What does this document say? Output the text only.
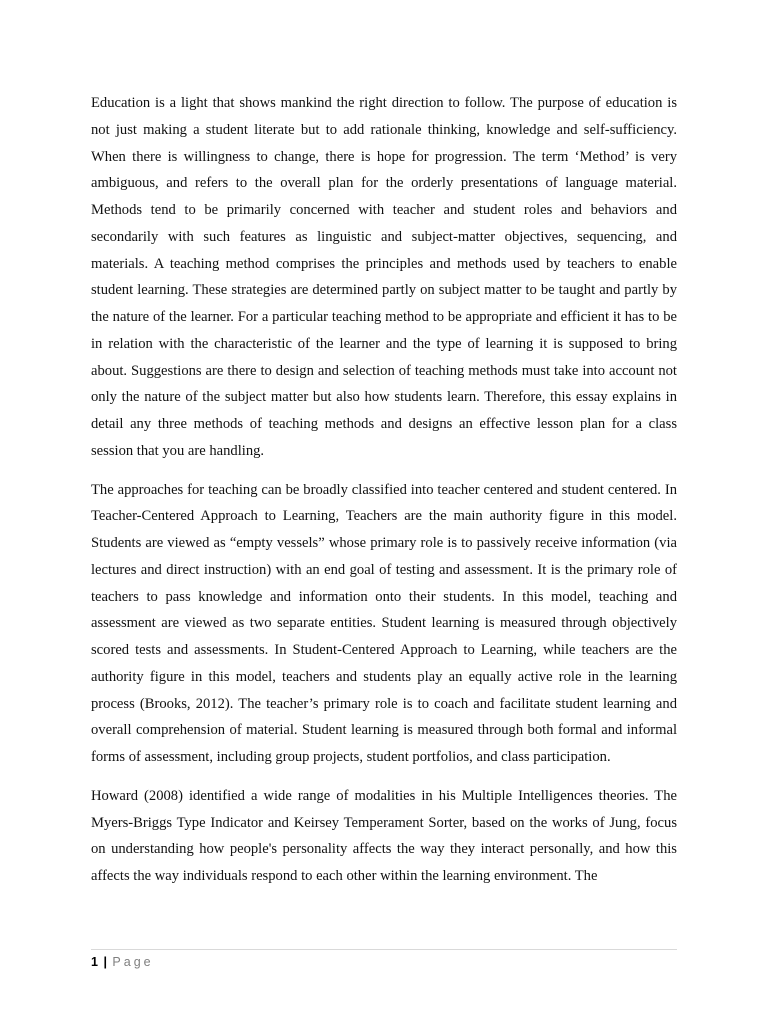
Education is a light that shows mankind the right direction to follow. The purpose of education is not just making a student literate but to add rationale thinking, knowledge and self-sufficiency. When there is willingness to change, there is hope for progression. The term ‘Method’ is very ambiguous, and refers to the overall plan for the orderly presentations of language material. Methods tend to be primarily concerned with teacher and student roles and behaviors and secondarily with such features as linguistic and subject-matter objectives, sequencing, and materials. A teaching method comprises the principles and methods used by teachers to enable student learning. These strategies are determined partly on subject matter to be taught and partly by the nature of the learner. For a particular teaching method to be appropriate and efficient it has to be in relation with the characteristic of the learner and the type of learning it is supposed to bring about. Suggestions are there to design and selection of teaching methods must take into account not only the nature of the subject matter but also how students learn. Therefore, this essay explains in detail any three methods of teaching methods and designs an effective lesson plan for a class session that you are handling.

The approaches for teaching can be broadly classified into teacher centered and student centered. In Teacher-Centered Approach to Learning, Teachers are the main authority figure in this model. Students are viewed as “empty vessels” whose primary role is to passively receive information (via lectures and direct instruction) with an end goal of testing and assessment. It is the primary role of teachers to pass knowledge and information onto their students. In this model, teaching and assessment are viewed as two separate entities. Student learning is measured through objectively scored tests and assessments. In Student-Centered Approach to Learning, while teachers are the authority figure in this model, teachers and students play an equally active role in the learning process (Brooks, 2012). The teacher’s primary role is to coach and facilitate student learning and overall comprehension of material. Student learning is measured through both formal and informal forms of assessment, including group projects, student portfolios, and class participation.

Howard (2008) identified a wide range of modalities in his Multiple Intelligences theories. The Myers-Briggs Type Indicator and Keirsey Temperament Sorter, based on the works of Jung, focus on understanding how people's personality affects the way they interact personally, and how this affects the way individuals respond to each other within the learning environment. The

1 | Page
